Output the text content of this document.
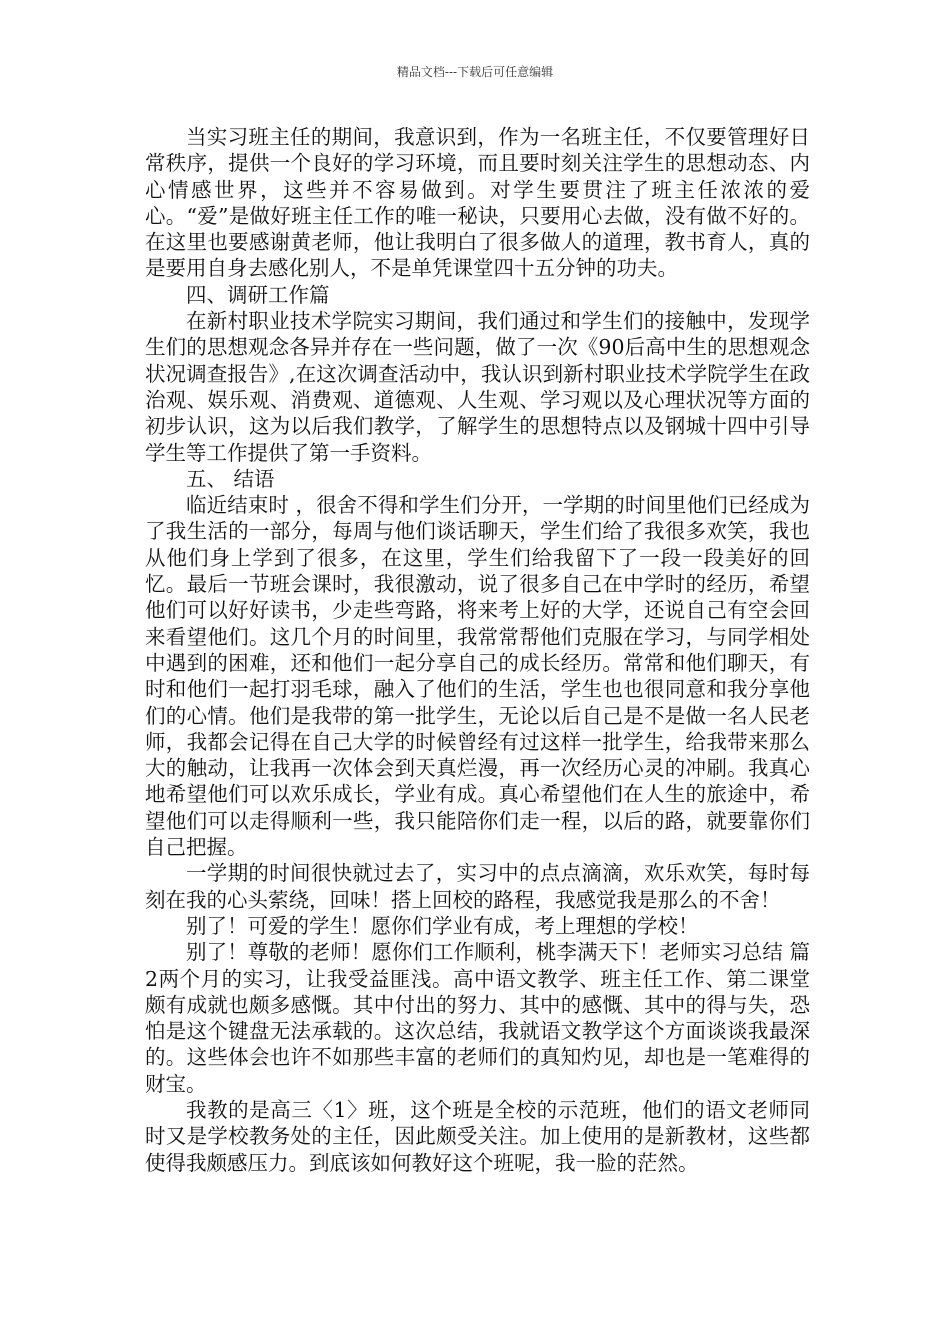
精品文档---下载后可任意编辑

当实习班主任的期间，我意识到，作为一名班主任，不仅要管理好日常秩序，提供一个良好的学习环境，而且要时刻关注学生的思想动态、内心情感世界，这些并不容易做到。对学生要贯注了班主任浓浓的爱心。“爱”是做好班主任工作的唯一秘诀，只要用心去做，没有做不好的。在这里也要感谢黄老师，他让我明白了很多做人的道理，教书育人，真的是要用自身去感化别人，不是单凭课堂四十五分钟的功夫。

四、调研工作篇

在新村职业技术学院实习期间，我们通过和学生们的接触中，发现学生们的思想观念各异并存在一些问题，做了一次《90后高中生的思想观念状况调查报告》,在这次调查活动中，我认识到新村职业技术学院学生在政治观、娱乐观、消费观、道德观、人生观、学习观以及心理状况等方面的初步认识，这为以后我们教学，了解学生的思想特点以及钢城十四中引导学生等工作提供了第一手资料。

五、 结语

临近结束时 ，很舍不得和学生们分开，一学期的时间里他们已经成为了我生活的一部分，每周与他们谈话聊天，学生们给了我很多欢笑，我也从他们身上学到了很多，在这里，学生们给我留下了一段一段美好的回忆。最后一节班会课时，我很激动，说了很多自己在中学时的经历，希望他们可以好好读书，少走些弯路，将来考上好的大学，还说自己有空会回来看望他们。这几个月的时间里，我常常帮他们克服在学习，与同学相处中遇到的困难，还和他们一起分享自己的成长经历。常常和他们聊天，有时和他们一起打羽毛球，融入了他们的生活，学生也也很同意和我分享他们的心情。他们是我带的第一批学生，无论以后自己是不是做一名人民老师，我都会记得在自己大学的时候曾经有过这样一批学生，给我带来那么大的触动，让我再一次体会到天真烂漫，再一次经历心灵的冲刷。我真心地希望他们可以欢乐成长，学业有成。真心希望他们在人生的旅途中，希望他们可以走得顺利一些，我只能陪你们走一程，以后的路，就要靠你们自己把握。

一学期的时间很快就过去了，实习中的点点滴滴，欢乐欢笑，每时每刻在我的心头萦绕，回味！搭上回校的路程，我感觉我是那么的不舍！

别了！可爱的学生！愿你们学业有成，考上理想的学校！

别了！尊敬的老师！愿你们工作顺利，桃李满天下！老师实习总结 篇2两个月的实习，让我受益匪浅。高中语文教学、班主任工作、第二课堂颇有成就也颇多感慨。其中付出的努力、其中的感慨、其中的得与失，恐怕是这个键盘无法承载的。这次总结，我就语文教学这个方面谈谈我最深的。这些体会也许不如那些丰富的老师们的真知灼见，却也是一笔难得的财宝。

我教的是高三〈1〉班，这个班是全校的示范班，他们的语文老师同时又是学校教务处的主任，因此颇受关注。加上使用的是新教材，这些都使得我颇感压力。到底该如何教好这个班呢，我一脸的茫然。
